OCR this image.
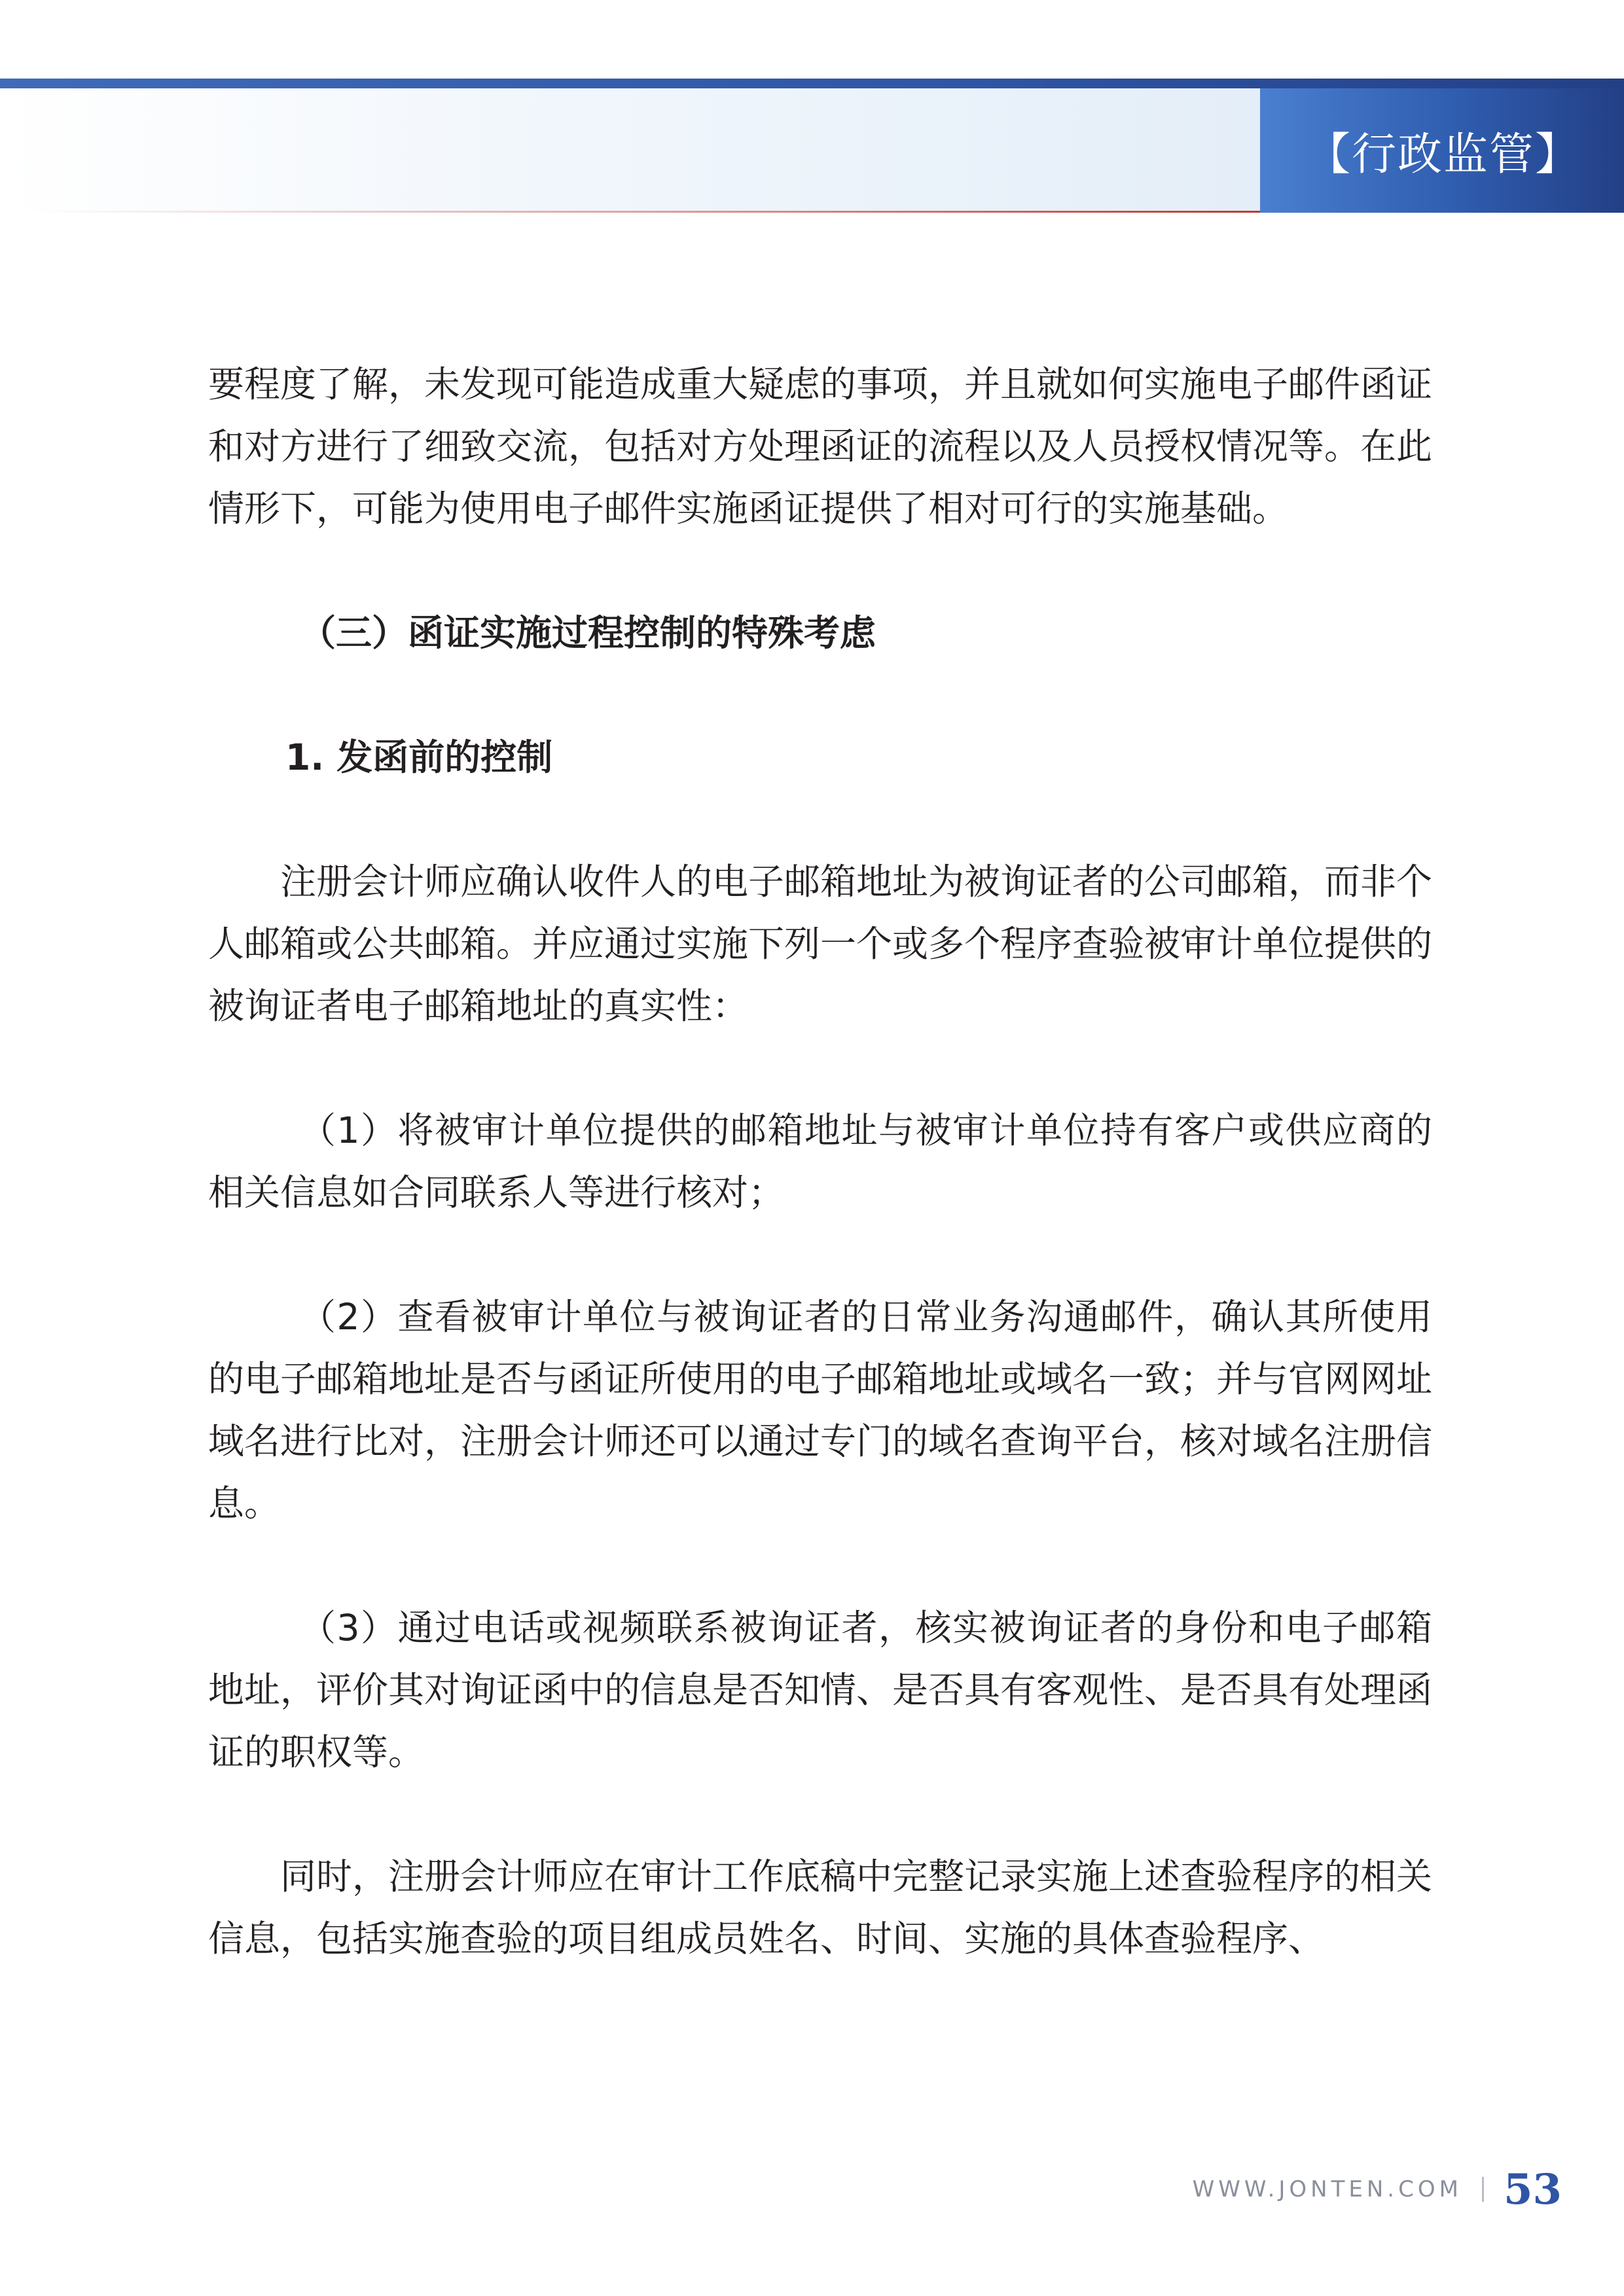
【行政监管】

要程度了解，未发现可能造成重大疑虑的事项，并且就如何实施电子邮件函证和对方进行了细致交流，包括对方处理函证的流程以及人员授权情况等。在此情形下，可能为使用电子邮件实施函证提供了相对可行的实施基础。

（三）函证实施过程控制的特殊考虑

1. 发函前的控制

注册会计师应确认收件人的电子邮箱地址为被询证者的公司邮箱，而非个人邮箱或公共邮箱。并应通过实施下列一个或多个程序查验被审计单位提供的被询证者电子邮箱地址的真实性：

（1）将被审计单位提供的邮箱地址与被审计单位持有客户或供应商的相关信息如合同联系人等进行核对；

（2）查看被审计单位与被询证者的日常业务沟通邮件，确认其所使用的电子邮箱地址是否与函证所使用的电子邮箱地址或域名一致；并与官网网址域名进行比对，注册会计师还可以通过专门的域名查询平台，核对域名注册信息。

（3）通过电话或视频联系被询证者，核实被询证者的身份和电子邮箱地址，评价其对询证函中的信息是否知情、是否具有客观性、是否具有处理函证的职权等。

同时，注册会计师应在审计工作底稿中完整记录实施上述查验程序的相关信息，包括实施查验的项目组成员姓名、时间、实施的具体查验程序、

WWW.JONTEN.COM 53
